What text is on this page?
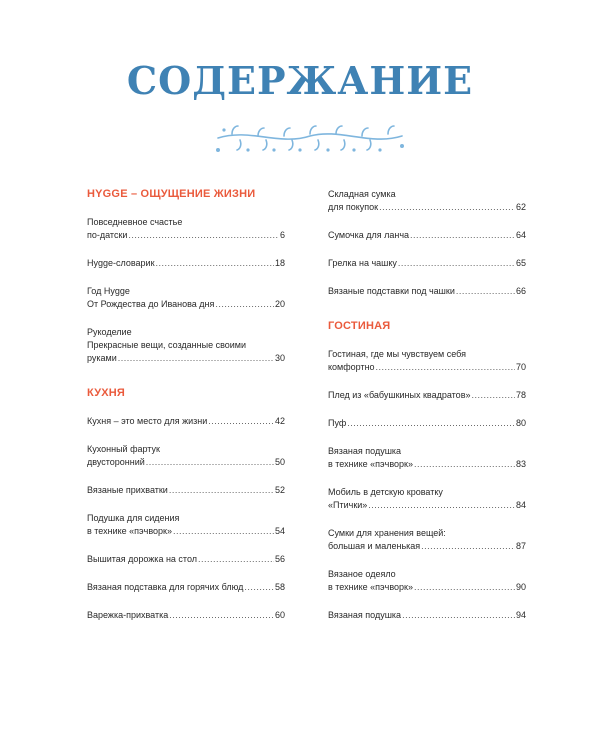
СОДЕРЖАНИЕ
HYGGE – ОЩУЩЕНИЕ ЖИЗНИ
Повседневное счастье
по-датски .....	6
Hygge-словарик .....	18
Год Hygge
От Рождества до Иванова дня .....	20
Рукоделие
Прекрасные вещи, созданные своими
руками .....	30
КУХНЯ
Кухня – это место для жизни .....	42
Кухонный фартук
двусторонний .....	50
Вязаные прихватки .....	52
Подушка для сидения
в технике «пэчворк» .....	54
Вышитая дорожка на стол .....	56
Вязаная подставка для горячих блюд .....	58
Варежка-прихватка .....	60
Складная сумка
для покупок .....	62
Сумочка для ланча .....	64
Грелка на чашку .....	65
Вязаные подставки под чашки .....	66
ГОСТИНАЯ
Гостиная, где мы чувствуем себя
комфортно .....	70
Плед из «бабушкиных квадратов» .....	78
Пуф .....	80
Вязаная подушка
в технике «пэчворк» .....	83
Мобиль в детскую кроватку
«Птички» .....	84
Сумки для хранения вещей:
большая и маленькая .....	87
Вязаное одеяло
в технике «пэчворк» .....	90
Вязаная подушка .....	94
